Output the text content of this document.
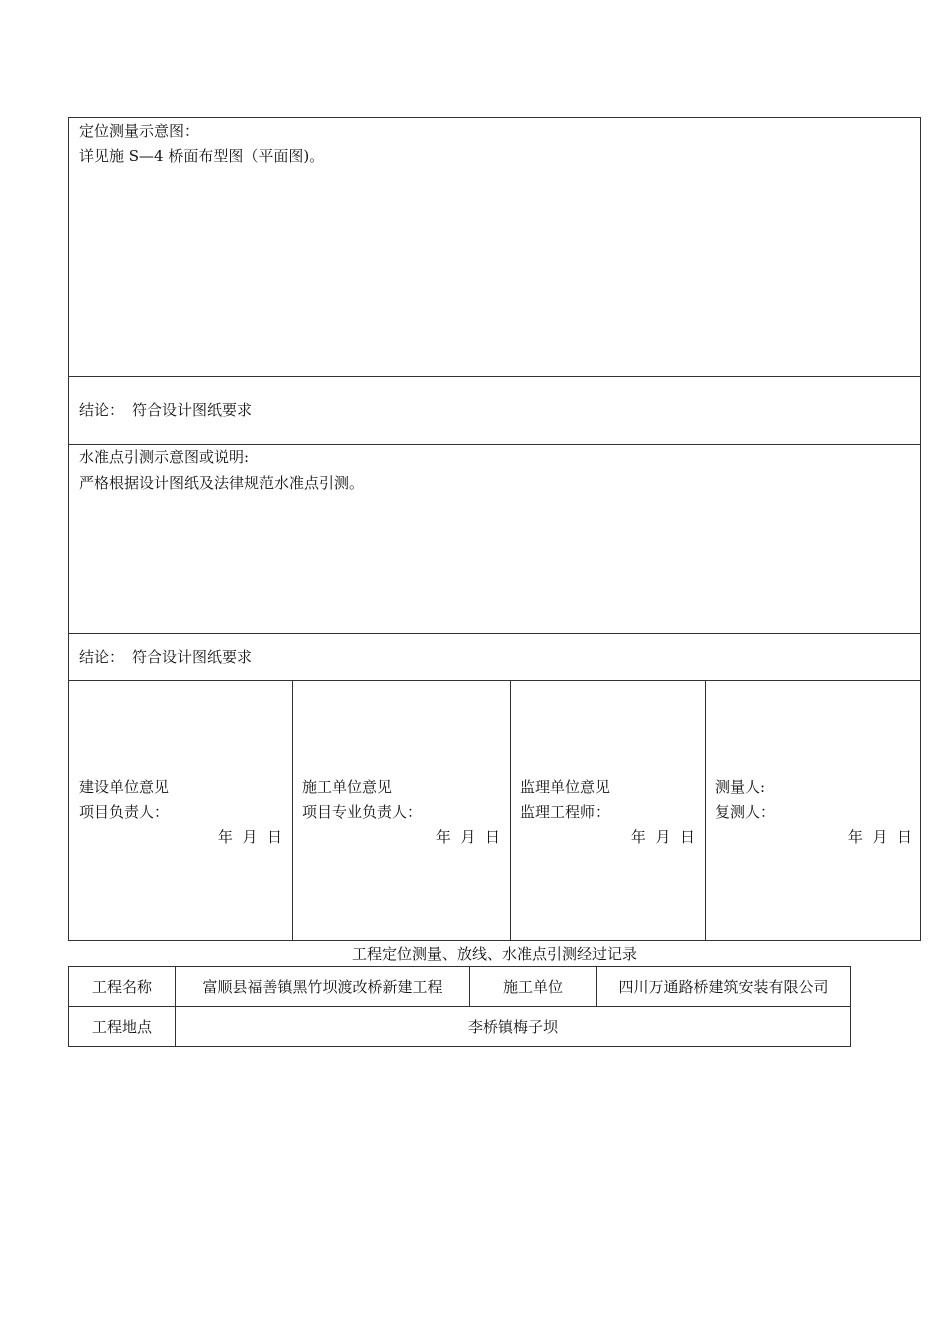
定位测量示意图：
详见施 S—4 桥面布型图（平面图)。
结论： 符合设计图纸要求
水准点引测示意图或说明:
严格根据设计图纸及法律规范水准点引测。
结论： 符合设计图纸要求
建设单位意见
项目负责人：
年  月  日
施工单位意见
项目专业负责人：
年  月  日
监理单位意见
监理工程师：
年  月  日
测量人:
复测人：
年  月  日
工程定位测量、放线、水准点引测经过记录
工程名称	富顺县福善镇黑竹坝渡改桥新建工程	施工单位	四川万通路桥建筑安装有限公司
工程地点	李桥镇梅子坝		
